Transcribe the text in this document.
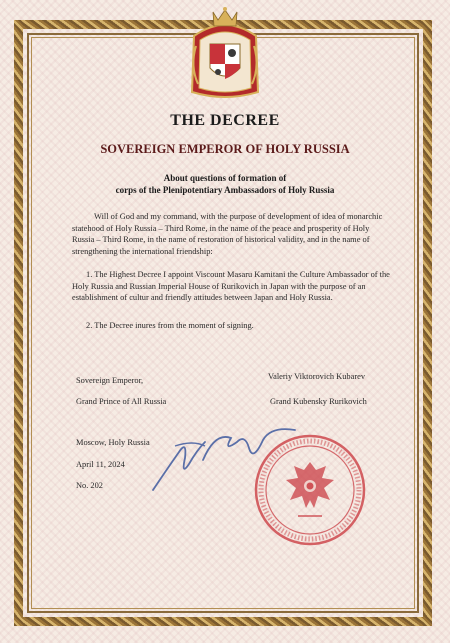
THE DECREE
SOVEREIGN EMPEROR OF HOLY RUSSIA
About questions of formation of
corps of the Plenipotentiary Ambassadors of Holy Russia
Will of God and my command, with the purpose of development of idea of monarchic statehood of Holy Russia – Third Rome, in the name of the peace and prosperity of Holy Russia – Third Rome, in the name of restoration of historical validity, and in the name of strengthening the international friendship:
1. The Highest Decree I appoint Viscount Masaru Kamitani the Culture Ambassador of the Holy Russia and Russian Imperial House of Rurikovich in Japan with the purpose of an establishment of cultur and friendly attitudes between Japan and Holy Russia.
2. The Decree inures from the moment of signing.
Sovereign Emperor,
Grand Prince of All Russia
Valeriy Viktorovich Kubarev
Grand Kubensky Rurikovich
Moscow, Holy Russia
April 11, 2024
No. 202
